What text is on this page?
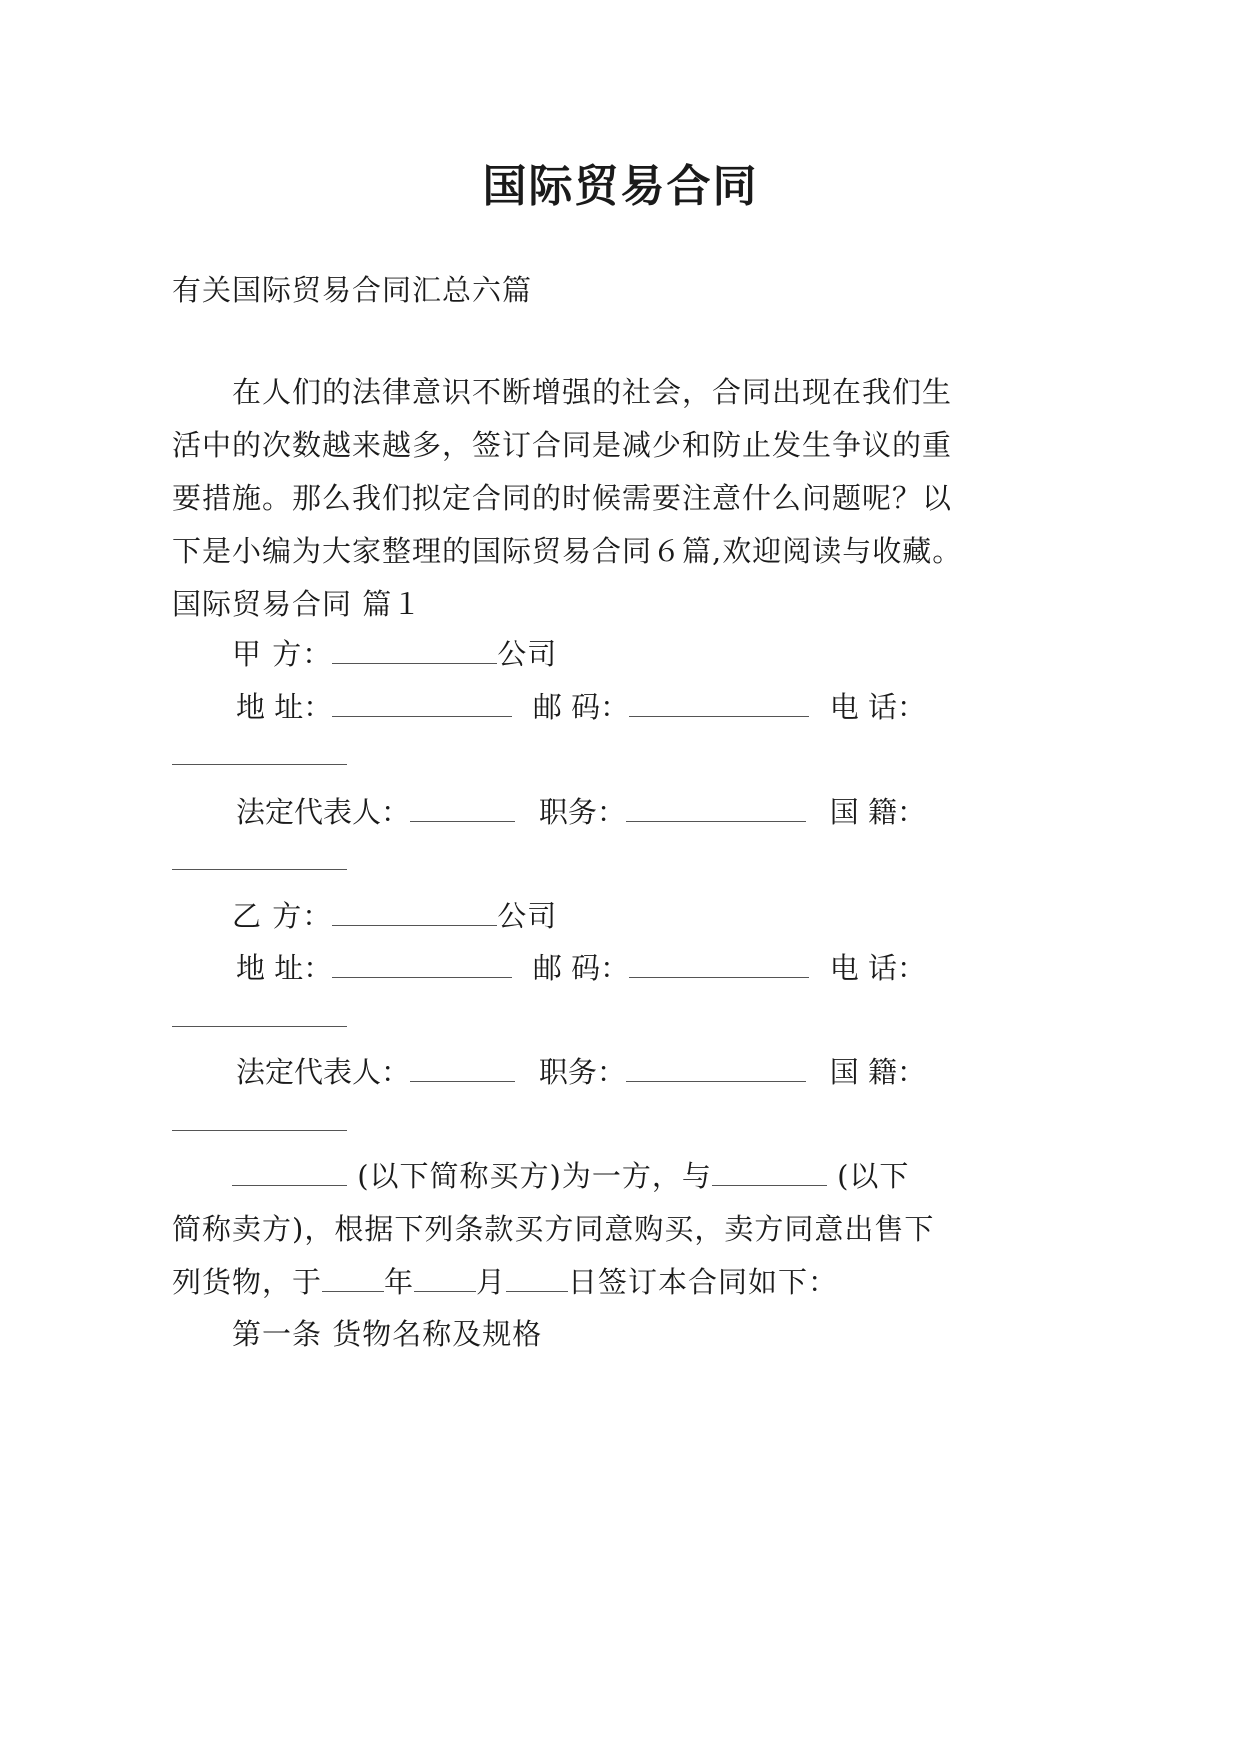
国际贸易合同
有关国际贸易合同汇总六篇
在人们的法律意识不断增强的社会，合同出现在我们生
活中的次数越来越多，签订合同是减少和防止发生争议的重
要措施。那么我们拟定合同的时候需要注意什么问题呢？以
下是小编为大家整理的国际贸易合同６篇,欢迎阅读与收藏。
国际贸易合同 篇１
甲 方：	公司
地 址：	邮 码：	电 话：
法定代表人：	职务：	国 籍：
乙 方：	公司
地 址：	邮 码：	电 话：
法定代表人：	职务：	国 籍：
(以下简称买方)为一方，与	(以下
简称卖方)，根据下列条款买方同意购买，卖方同意出售下
列货物，于 年 月 日签订本合同如下：
第一条 货物名称及规格
